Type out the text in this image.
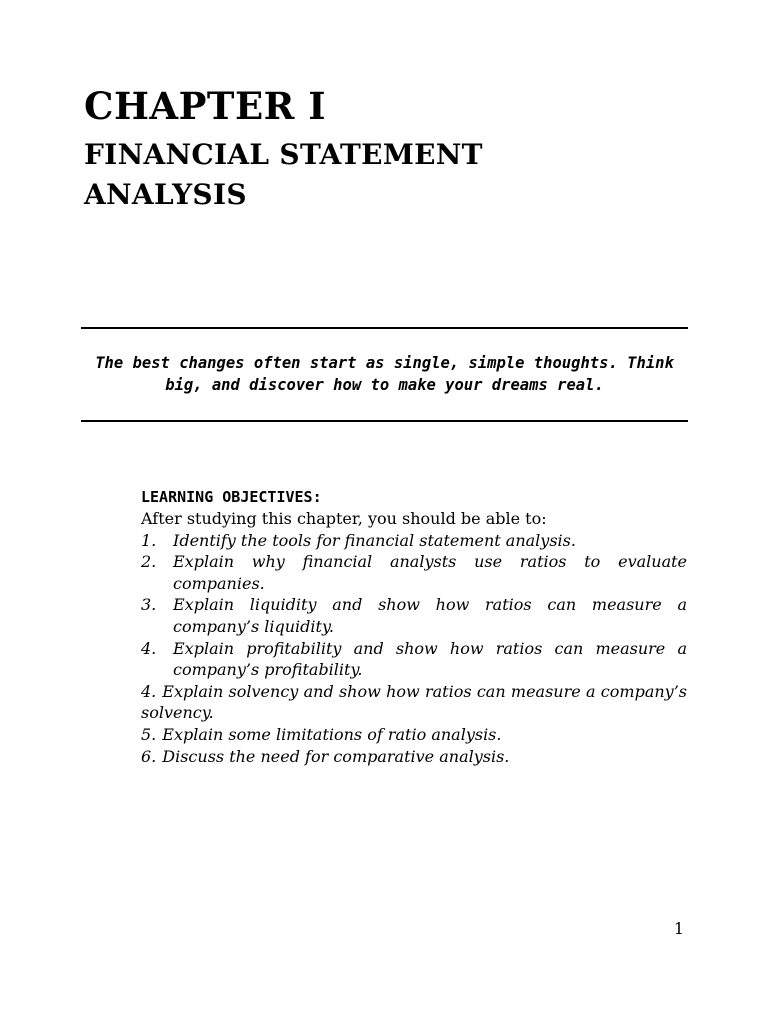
CHAPTER I
FINANCIAL STATEMENT ANALYSIS

The best changes often start as single, simple thoughts. Think big, and discover how to make your dreams real.

LEARNING OBJECTIVES:

After studying this chapter, you should be able to:

1.	Identify the tools for financial statement analysis.
2.	Explain why financial analysts use ratios to evaluate companies.
3.	Explain liquidity and show how ratios can measure a company’s liquidity.
4.	Explain profitability and show how ratios can measure a company’s profitability.
4. Explain solvency and show how ratios can measure a company’s solvency.
5. Explain some limitations of ratio analysis.
6. Discuss the need for comparative analysis.
1
